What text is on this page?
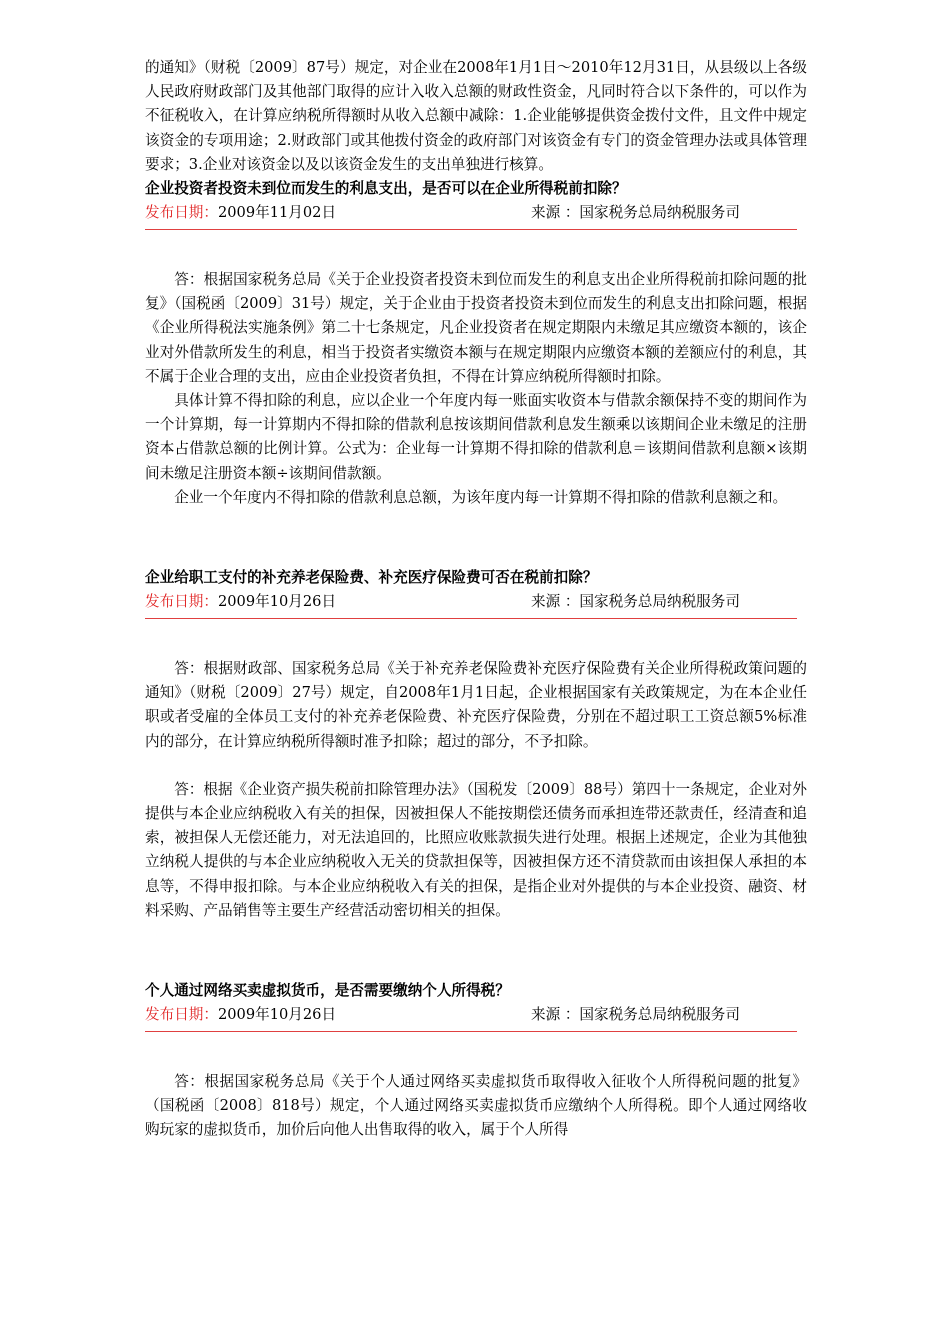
的通知》（财税〔2009〕87号）规定，对企业在2008年1月1日～2010年12月31日，从县级以上各级人民政府财政部门及其他部门取得的应计入收入总额的财政性资金，凡同时符合以下条件的，可以作为不征税收入，在计算应纳税所得额时从收入总额中减除：1.企业能够提供资金拨付文件，且文件中规定该资金的专项用途；2.财政部门或其他拨付资金的政府部门对该资金有专门的资金管理办法或具体管理要求；3.企业对该资金以及以该资金发生的支出单独进行核算。

企业投资者投资未到位而发生的利息支出，是否可以在企业所得税前扣除？
发布日期：2009年11月02日	来源 ：国家税务总局纳税服务司

答：根据国家税务总局《关于企业投资者投资未到位而发生的利息支出企业所得税前扣除问题的批复》（国税函〔2009〕31号）规定，关于企业由于投资者投资未到位而发生的利息支出扣除问题，根据《企业所得税法实施条例》第二十七条规定，凡企业投资者在规定期限内未缴足其应缴资本额的，该企业对外借款所发生的利息，相当于投资者实缴资本额与在规定期限内应缴资本额的差额应付的利息，其不属于企业合理的支出，应由企业投资者负担，不得在计算应纳税所得额时扣除。

具体计算不得扣除的利息，应以企业一个年度内每一账面实收资本与借款余额保持不变的期间作为一个计算期，每一计算期内不得扣除的借款利息按该期间借款利息发生额乘以该期间企业未缴足的注册资本占借款总额的比例计算。公式为：企业每一计算期不得扣除的借款利息＝该期间借款利息额×该期间未缴足注册资本额÷该期间借款额。

企业一个年度内不得扣除的借款利息总额，为该年度内每一计算期不得扣除的借款利息额之和。

企业给职工支付的补充养老保险费、补充医疗保险费可否在税前扣除？
发布日期：2009年10月26日	来源 ：国家税务总局纳税服务司

答：根据财政部、国家税务总局《关于补充养老保险费补充医疗保险费有关企业所得税政策问题的通知》（财税〔2009〕27号）规定，自2008年1月1日起，企业根据国家有关政策规定，为在本企业任职或者受雇的全体员工支付的补充养老保险费、补充医疗保险费，分别在不超过职工工资总额5%标准内的部分，在计算应纳税所得额时准予扣除；超过的部分，不予扣除。

答：根据《企业资产损失税前扣除管理办法》（国税发〔2009〕88号）第四十一条规定，企业对外提供与本企业应纳税收入有关的担保，因被担保人不能按期偿还债务而承担连带还款责任，经清查和追索，被担保人无偿还能力，对无法追回的，比照应收账款损失进行处理。根据上述规定，企业为其他独立纳税人提供的与本企业应纳税收入无关的贷款担保等，因被担保方还不清贷款而由该担保人承担的本息等，不得申报扣除。与本企业应纳税收入有关的担保，是指企业对外提供的与本企业投资、融资、材料采购、产品销售等主要生产经营活动密切相关的担保。

个人通过网络买卖虚拟货币，是否需要缴纳个人所得税？
发布日期：2009年10月26日	来源 ：国家税务总局纳税服务司

答：根据国家税务总局《关于个人通过网络买卖虚拟货币取得收入征收个人所得税问题的批复》（国税函〔2008〕818号）规定，个人通过网络买卖虚拟货币应缴纳个人所得税。即个人通过网络收购玩家的虚拟货币，加价后向他人出售取得的收入，属于个人所得
